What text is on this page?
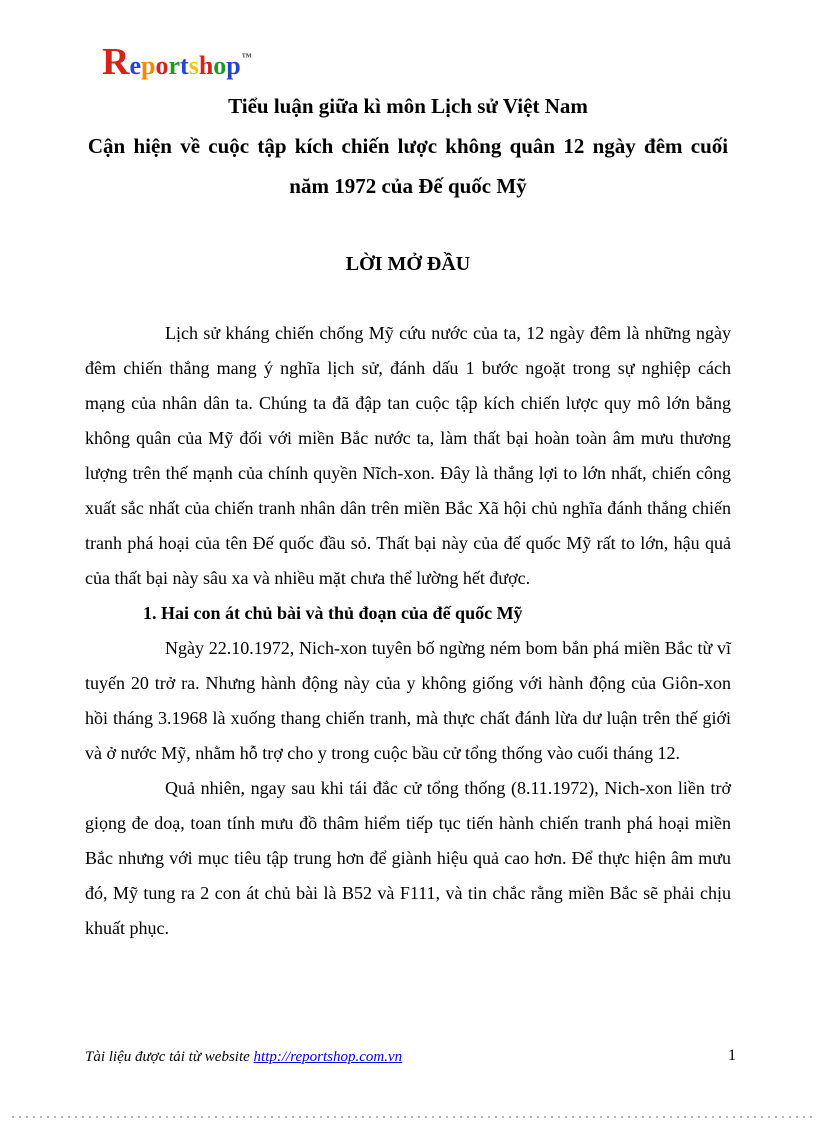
Reportshop™
Tiểu luận giữa kì môn Lịch sử Việt Nam
Cận hiện về cuộc tập kích chiến lược không quân 12 ngày đêm cuối
năm 1972 của Đế quốc Mỹ
LỜI MỞ ĐẦU

Lịch sử kháng chiến chống Mỹ cứu nước của ta, 12 ngày đêm là những ngày đêm chiến thắng mang ý nghĩa lịch sử, đánh dấu 1 bước ngoặt trong sự nghiệp cách mạng của nhân dân ta. Chúng ta đã đập tan cuộc tập kích chiến lược quy mô lớn bằng không quân của Mỹ đối với miền Bắc nước ta, làm thất bại hoàn toàn âm mưu thương lượng trên thế mạnh của chính quyền Nĩch-xon. Đây là thắng lợi to lớn nhất, chiến công xuất sắc nhất của chiến tranh nhân dân trên miền Bắc Xã hội chủ nghĩa đánh thắng chiến tranh phá hoại của tên Đế quốc đầu sỏ. Thất bại này của đế quốc Mỹ rất to lớn, hậu quả của thất bại này sâu xa và nhiều mặt chưa thể lường hết được.

1. Hai con át chủ bài và thủ đoạn của đế quốc Mỹ

Ngày 22.10.1972, Nich-xon tuyên bố ngừng ném bom bắn phá miền Bắc từ vĩ tuyến 20 trở ra. Nhưng hành động này của y không giống với hành động của Giôn-xon hồi tháng 3.1968 là xuống thang chiến tranh, mà thực chất đánh lừa dư luận trên thế giới và ở nước Mỹ, nhằm hỗ trợ cho y trong cuộc bầu cử tổng thống vào cuối tháng 12.

Quả nhiên, ngay sau khi tái đắc cử tổng thống (8.11.1972), Nich-xon liền trở giọng đe doạ, toan tính mưu đồ thâm hiểm tiếp tục tiến hành chiến tranh phá hoại miền Bắc nhưng với mục tiêu tập trung hơn để giành hiệu quả cao hơn. Để thực hiện âm mưu đó, Mỹ tung ra 2 con át chủ bài là B52 và F111, và tin chắc rằng miền Bắc sẽ phải chịu khuất phục.

Tài liệu được tải từ website http://reportshop.com.vn	1
